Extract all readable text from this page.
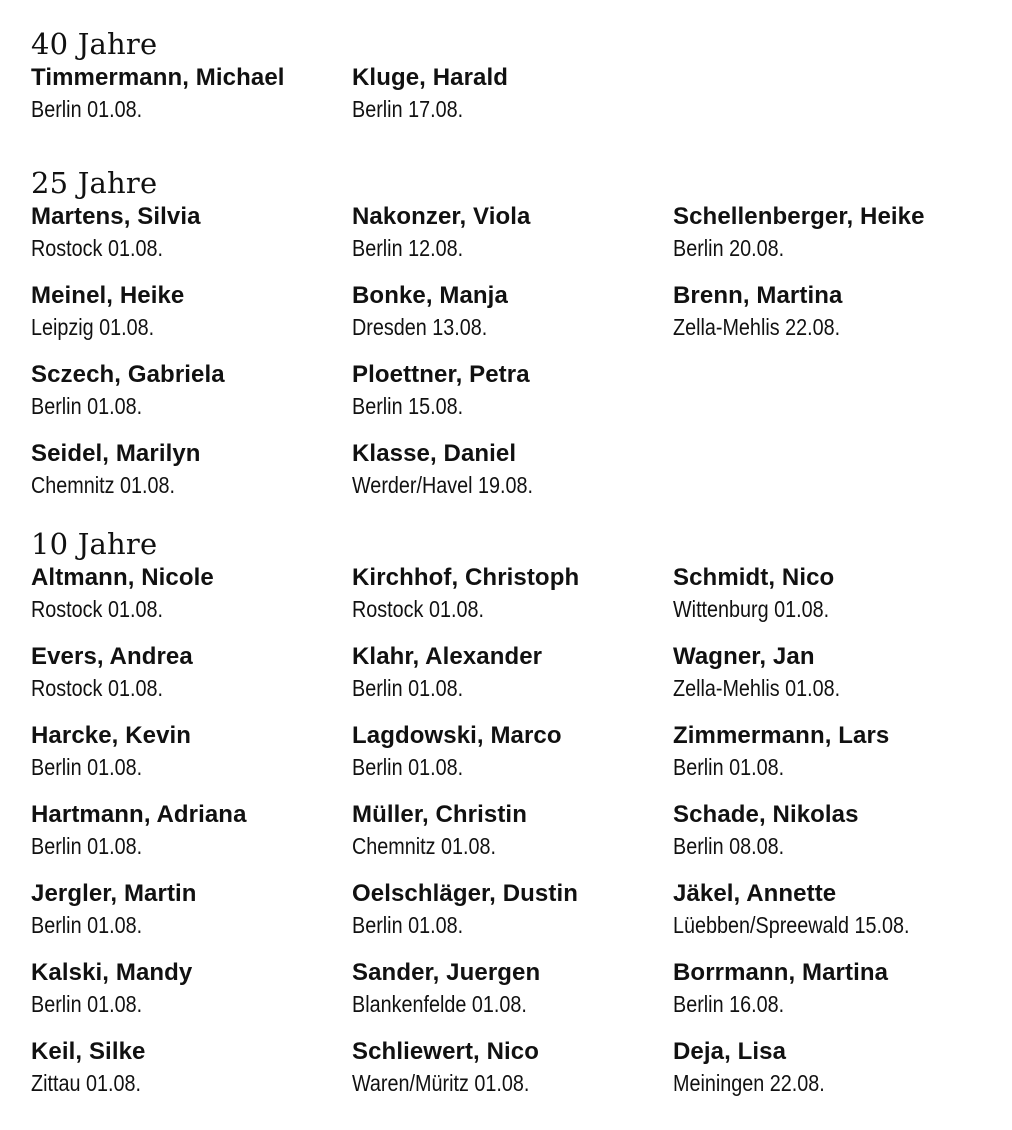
40 Jahre
Timmermann, Michael
Berlin 01.08.
Kluge, Harald
Berlin 17.08.
25 Jahre
Martens, Silvia
Rostock 01.08.
Meinel, Heike
Leipzig 01.08.
Sczech, Gabriela
Berlin 01.08.
Seidel, Marilyn
Chemnitz 01.08.
Nakonzer, Viola
Berlin 12.08.
Bonke, Manja
Dresden 13.08.
Ploettner, Petra
Berlin 15.08.
Klasse, Daniel
Werder/Havel 19.08.
Schellenberger, Heike
Berlin 20.08.
Brenn, Martina
Zella-Mehlis 22.08.
10 Jahre
Altmann, Nicole
Rostock 01.08.
Evers, Andrea
Rostock 01.08.
Harcke, Kevin
Berlin 01.08.
Hartmann, Adriana
Berlin 01.08.
Jergler, Martin
Berlin 01.08.
Kalski, Mandy
Berlin 01.08.
Keil, Silke
Zittau 01.08.
Kirchhof, Christoph
Rostock 01.08.
Klahr, Alexander
Berlin 01.08.
Lagdowski, Marco
Berlin 01.08.
Müller, Christin
Chemnitz 01.08.
Oelschläger, Dustin
Berlin 01.08.
Sander, Juergen
Blankenfelde 01.08.
Schliewert, Nico
Waren/Müritz 01.08.
Schmidt, Nico
Wittenburg 01.08.
Wagner, Jan
Zella-Mehlis 01.08.
Zimmermann, Lars
Berlin 01.08.
Schade, Nikolas
Berlin 08.08.
Jäkel, Annette
Lüebben/Spreewald 15.08.
Borrmann, Martina
Berlin 16.08.
Deja, Lisa
Meiningen 22.08.
